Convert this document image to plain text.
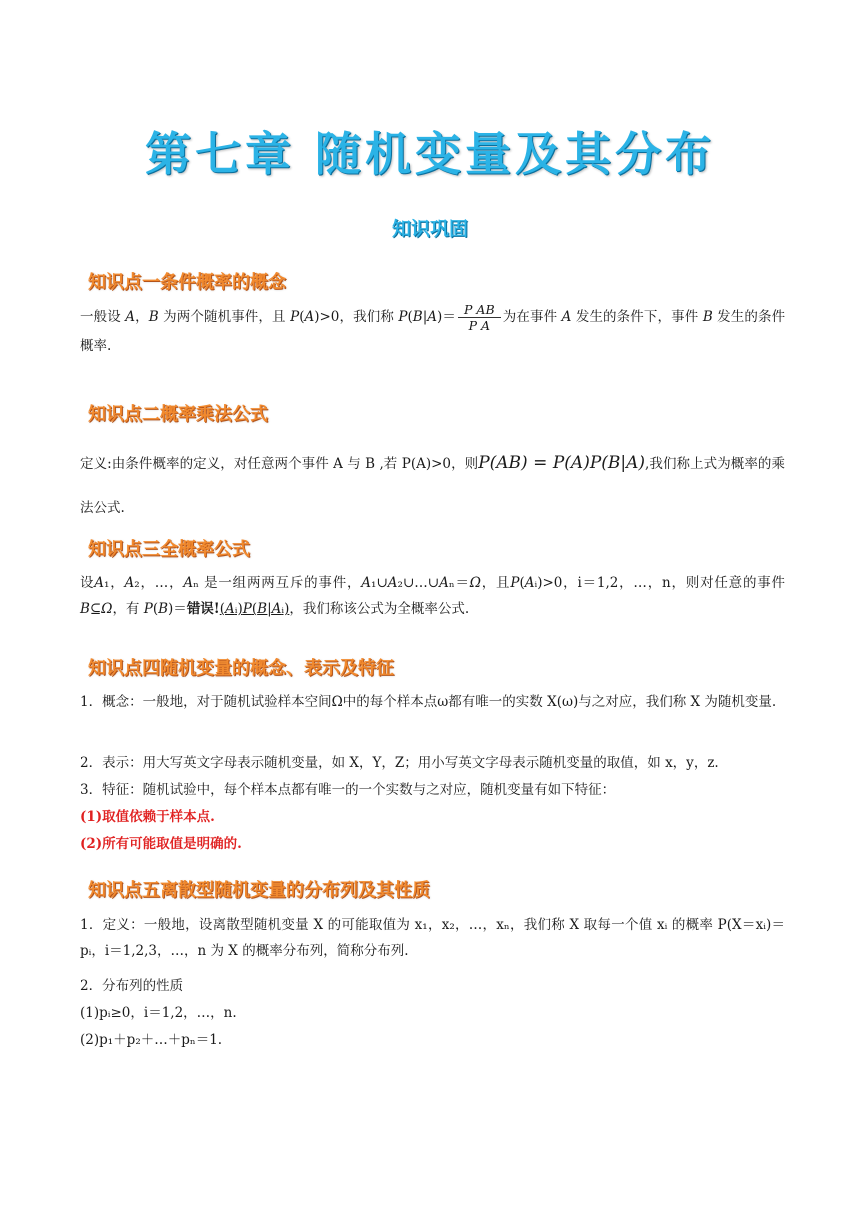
第七章 随机变量及其分布
知识巩固
知识点一条件概率的概念
一般设 A，B 为两个随机事件，且 P(A)>0，我们称 $P(B|A)= \frac{\text{P AB}}{\text{P A}}$ 为在事件 A 发生的条件下，事件 B 发生的条件概率.
知识点二概率乘法公式
定义:由条件概率的定义，对任意两个事件 A 与 B ,若 P(A)>0，则P(AB) = P(A)P(B|A),我们称上式为概率的乘法公式.
知识点三全概率公式
设A₁，A₂，…，Aₙ 是一组两两互斥的事件，A₁∪A₂∪…∪Aₙ＝Ω，且P(Aᵢ)>0，i＝1,2，…，n，则对任意的事件 B⊆Ω，有 P(B)＝错误!(Aᵢ)P(B|Aᵢ)，我们称该公式为全概率公式.
知识点四随机变量的概念、表示及特征
1．概念：一般地，对于随机试验样本空间Ω中的每个样本点ω都有唯一的实数 X(ω)与之对应，我们称 X 为随机变量.
2．表示：用大写英文字母表示随机变量，如 X，Y，Z；用小写英文字母表示随机变量的取值，如 x，y，z.
3．特征：随机试验中，每个样本点都有唯一的一个实数与之对应，随机变量有如下特征：
(1)取值依赖于样本点.
(2)所有可能取值是明确的.
知识点五离散型随机变量的分布列及其性质
1．定义：一般地，设离散型随机变量 X 的可能取值为 x₁，x₂，…，xₙ，我们称 X 取每一个值 xᵢ 的概率 P(X＝xᵢ)＝pᵢ，i＝1,2,3，…，n 为 X 的概率分布列，简称分布列.
2．分布列的性质
(1)pᵢ≥0，i＝1,2，…，n.
(2)p₁＋p₂＋…＋pₙ＝1.
